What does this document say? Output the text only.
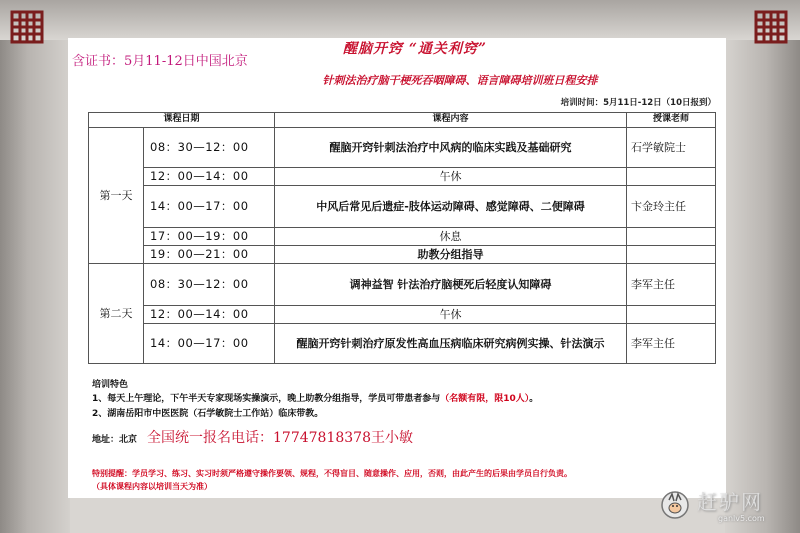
含证书：5月11-12日中国北京
醒脑开窍 “通关利窍”
针刺法治疗脑干梗死吞咽障碍、语言障碍培训班日程安排
培训时间：5月11日-12日（10日报到）
课程日期		课程内容	授课老师
第一天	08：30—12：00	醒脑开窍针刺法治疗中风病的临床实践及基础研究	石学敏院士
	12：00—14：00	午休	
	14：00—17：00	中风后常见后遗症-肢体运动障碍、感觉障碍、二便障碍	卞金玲主任
	17：00—19：00	休息	
	19：00—21：00	助教分组指导	
第二天	08：30—12：00	调神益智 针法治疗脑梗死后轻度认知障碍	李军主任
	12：00—14：00	午休	
	14：00—17：00	醒脑开窍针刺治疗原发性高血压病临床研究病例实操、针法演示	李军主任
培训特色
1、每天上午理论，下午半天专家现场实操演示，晚上助教分组指导，学员可带患者参与（名额有限，限10人）。
2、湖南岳阳市中医医院（石学敏院士工作站）临床带教。
地址：北京 全国统一报名电话：17747818378王小敏
特别提醒：学员学习、练习、实习时须严格遵守操作要领、规程，不得盲目、随意操作、应用，否则，由此产生的后果由学员自行负责。
（具体课程内容以培训当天为准）
赶驴网
ganlv5.com
